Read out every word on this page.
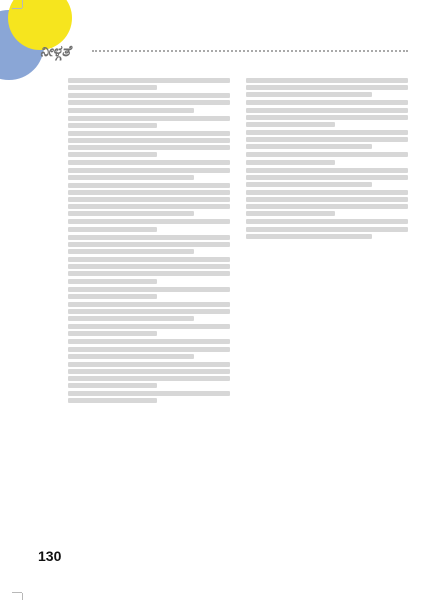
ನೀಳ್ಗತೆ
130
